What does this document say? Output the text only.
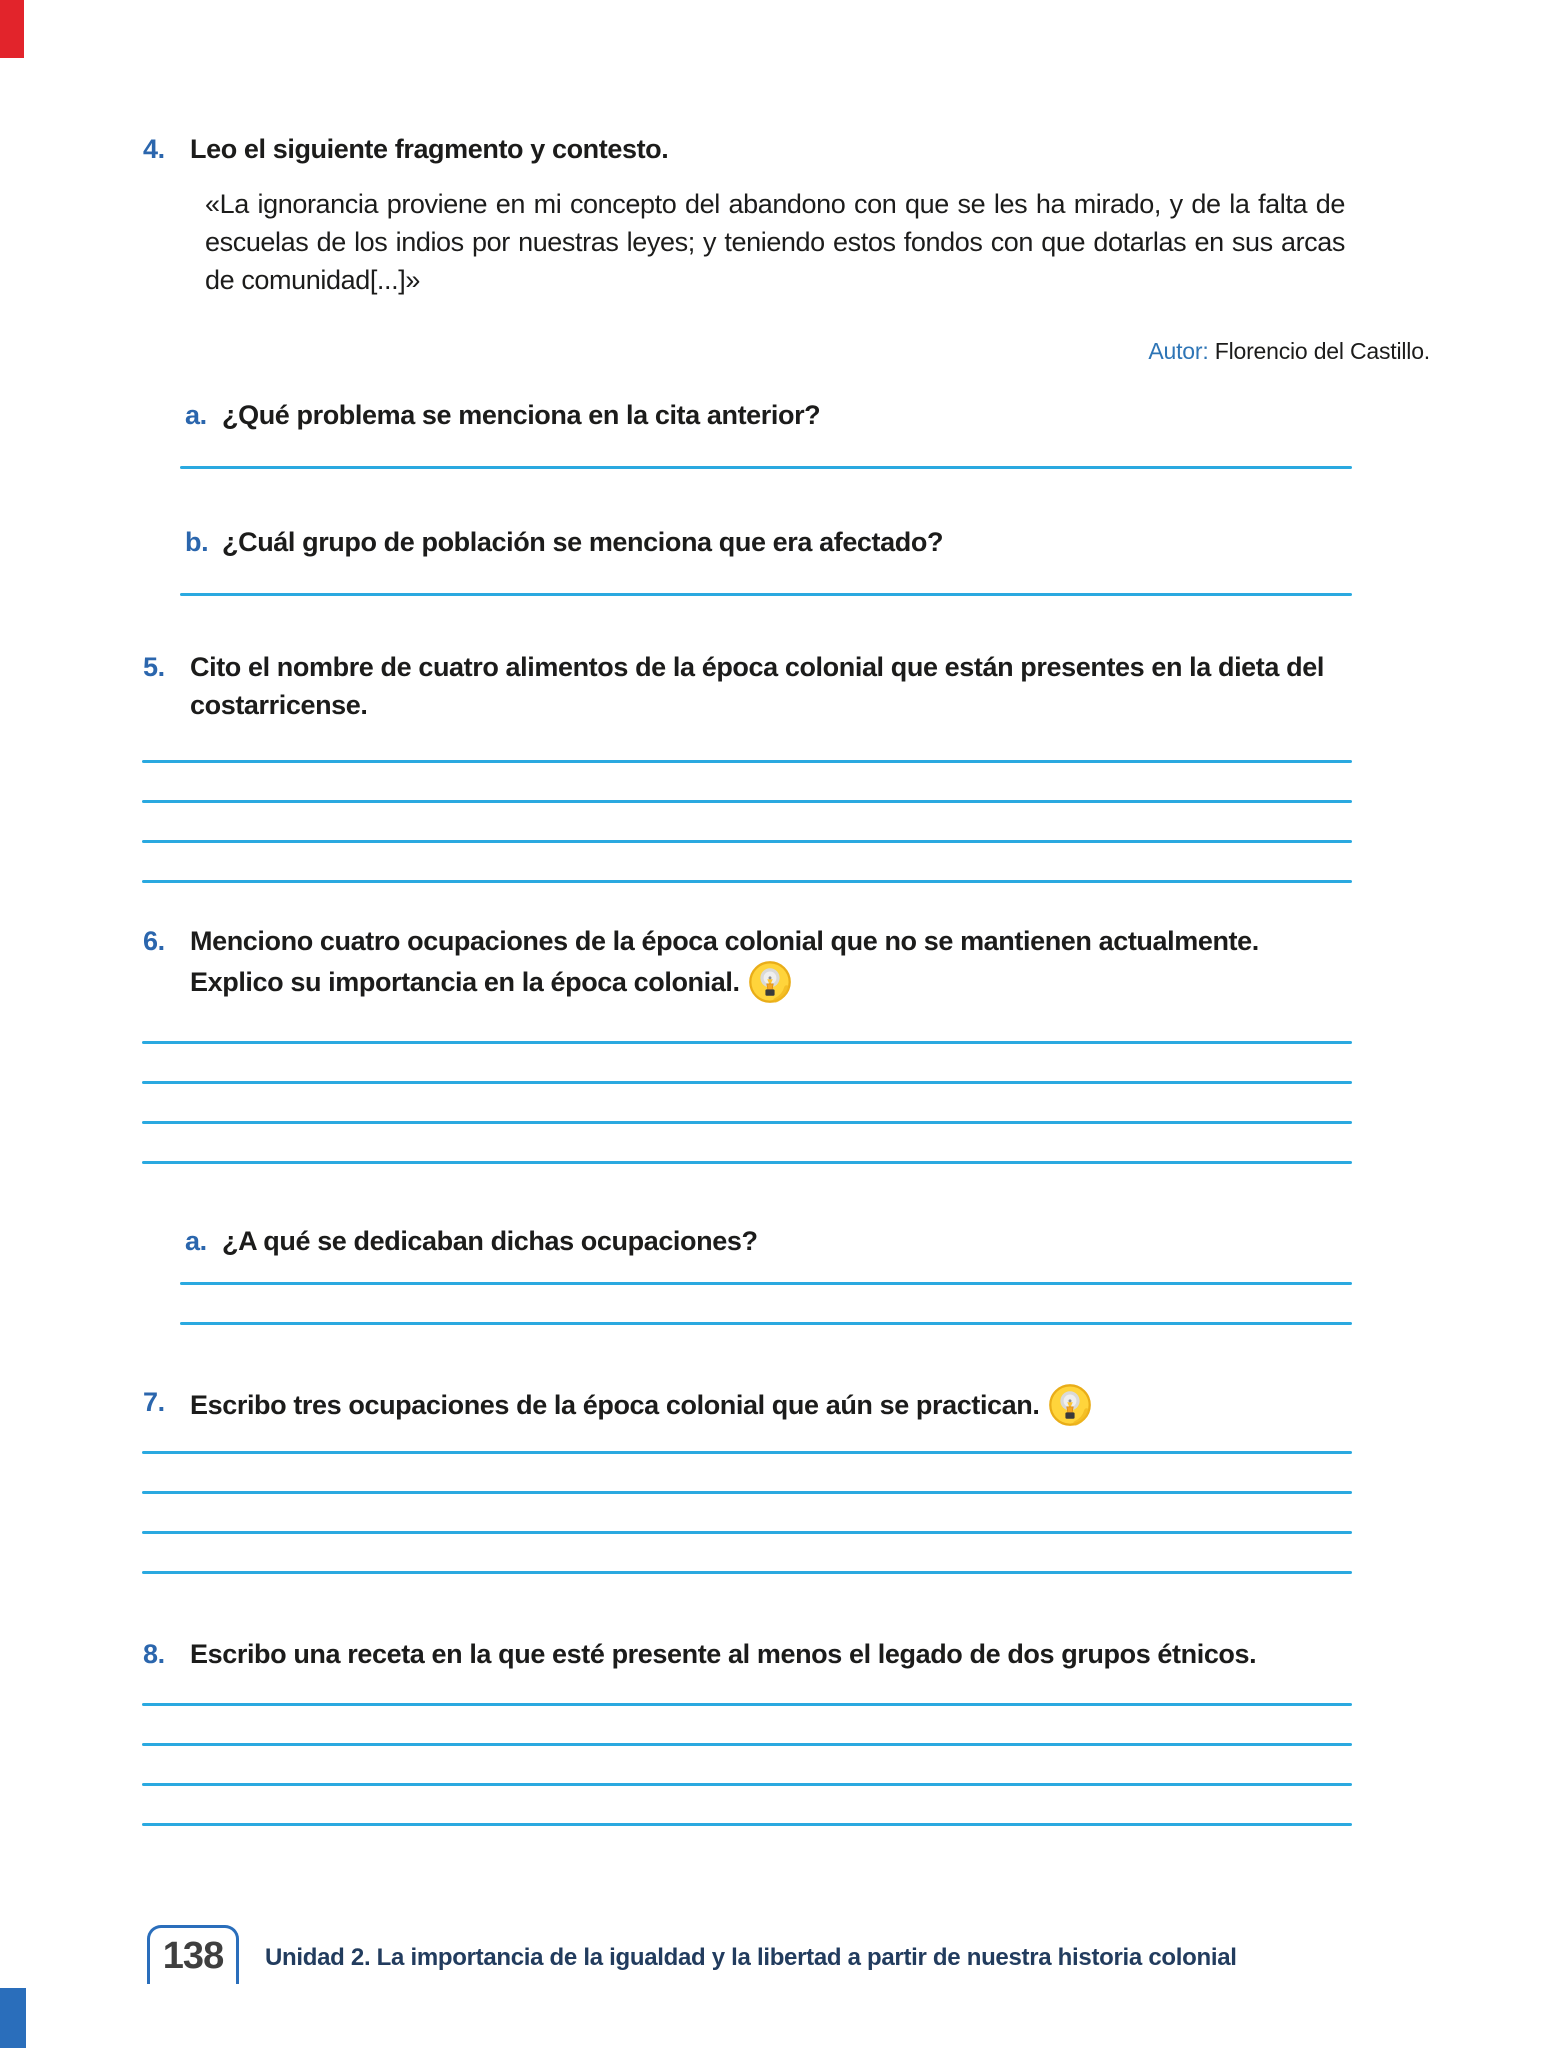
4. Leo el siguiente fragmento y contesto.
«La ignorancia proviene en mi concepto del abandono con que se les ha mirado, y de la falta de escuelas de los indios por nuestras leyes; y teniendo estos fondos con que dotarlas en sus arcas de comunidad[...]»
Autor: Florencio del Castillo.
a. ¿Qué problema se menciona en la cita anterior?
b. ¿Cuál grupo de población se menciona que era afectado?
5. Cito el nombre de cuatro alimentos de la época colonial que están presentes en la dieta del costarricense.
6. Menciono cuatro ocupaciones de la época colonial que no se mantienen actualmente. Explico su importancia en la época colonial.
a. ¿A qué se dedicaban dichas ocupaciones?
7. Escribo tres ocupaciones de la época colonial que aún se practican.
8. Escribo una receta en la que esté presente al menos el legado de dos grupos étnicos.
138 Unidad 2. La importancia de la igualdad y la libertad a partir de nuestra historia colonial
